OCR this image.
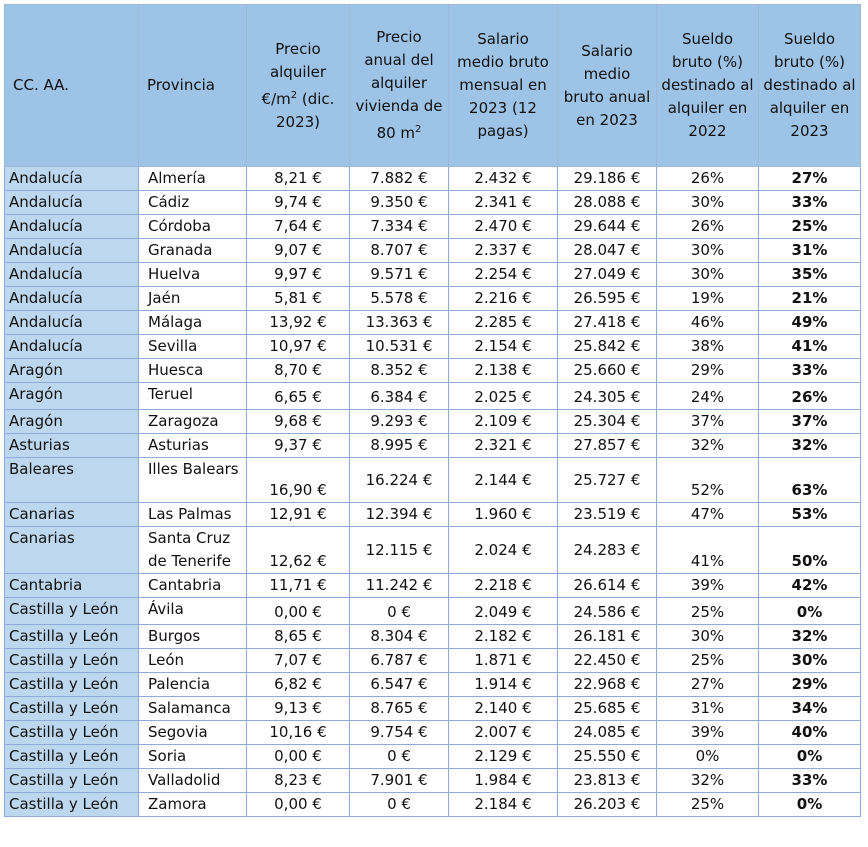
CC. AA.	Provincia	Precio alquiler $€/m^2$ (dic. 2023)	Precio anual del alquiler vivienda de 80 $m^2$	Salario medio bruto mensual en 2023 (12 pagas)	Salario medio bruto anual en 2023	Sueldo bruto (%) destinado al alquiler en 2022	Sueldo bruto (%) destinado al alquiler en 2023
Andalucía	Almería	8,21 €	7.882 €	2.432 €	29.186 €	26%	27%
Andalucía	Cádiz	9,74 €	9.350 €	2.341 €	28.088 €	30%	33%
Andalucía	Córdoba	7,64 €	7.334 €	2.470 €	29.644 €	26%	25%
Andalucía	Granada	9,07 €	8.707 €	2.337 €	28.047 €	30%	31%
Andalucía	Huelva	9,97 €	9.571 €	2.254 €	27.049 €	30%	35%
Andalucía	Jaén	5,81 €	5.578 €	2.216 €	26.595 €	19%	21%
Andalucía	Málaga	13,92 €	13.363 €	2.285 €	27.418 €	46%	49%
Andalucía	Sevilla	10,97 €	10.531 €	2.154 €	25.842 €	38%	41%
Aragón	Huesca	8,70 €	8.352 €	2.138 €	25.660 €	29%	33%
Aragón	Teruel	6,65 €	6.384 €	2.025 €	24.305 €	24%	26%
Aragón	Zaragoza	9,68 €	9.293 €	2.109 €	25.304 €	37%	37%
Asturias	Asturias	9,37 €	8.995 €	2.321 €	27.857 €	32%	32%
Baleares	Illes Balears	16,90 €	16.224 €	2.144 €	25.727 €	52%	63%
Canarias	Las Palmas	12,91 €	12.394 €	1.960 €	23.519 €	47%	53%
Canarias	Santa Cruz de Tenerife	12,62 €	12.115 €	2.024 €	24.283 €	41%	50%
Cantabria	Cantabria	11,71 €	11.242 €	2.218 €	26.614 €	39%	42%
Castilla y León	Ávila	0,00 €	0 €	2.049 €	24.586 €	25%	0%
Castilla y León	Burgos	8,65 €	8.304 €	2.182 €	26.181 €	30%	32%
Castilla y León	León	7,07 €	6.787 €	1.871 €	22.450 €	25%	30%
Castilla y León	Palencia	6,82 €	6.547 €	1.914 €	22.968 €	27%	29%
Castilla y León	Salamanca	9,13 €	8.765 €	2.140 €	25.685 €	31%	34%
Castilla y León	Segovia	10,16 €	9.754 €	2.007 €	24.085 €	39%	40%
Castilla y León	Soria	0,00 €	0 €	2.129 €	25.550 €	0%	0%
Castilla y León	Valladolid	8,23 €	7.901 €	1.984 €	23.813 €	32%	33%
Castilla y León	Zamora	0,00 €	0 €	2.184 €	26.203 €	25%	0%
